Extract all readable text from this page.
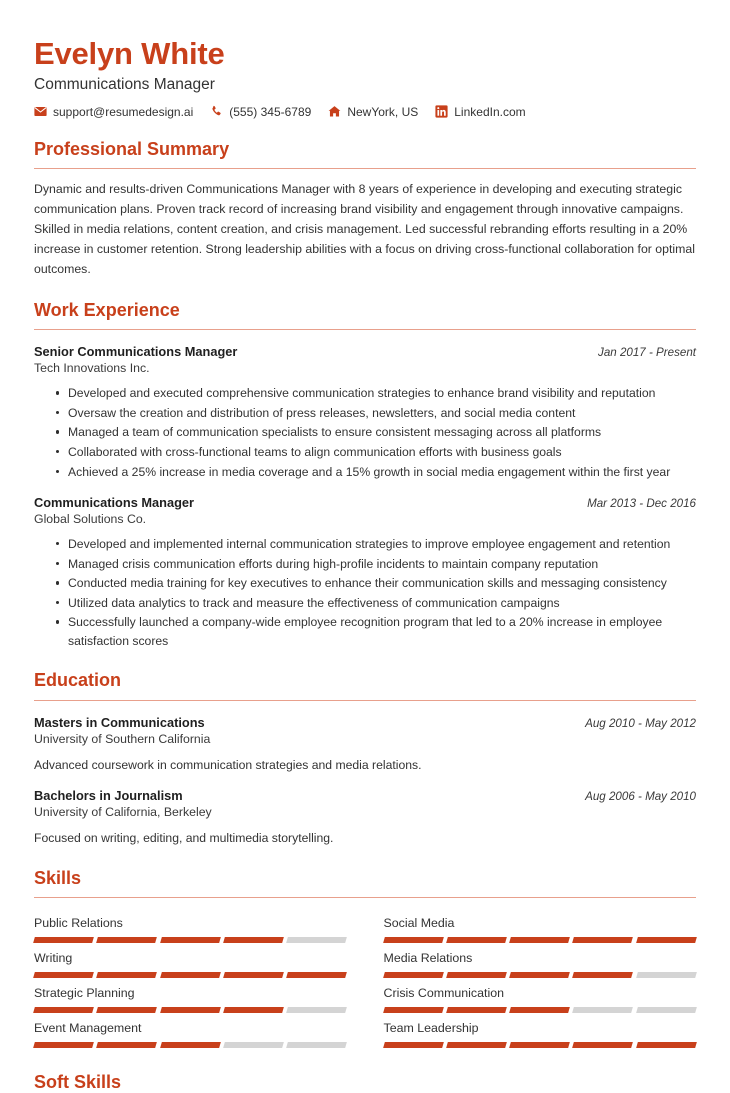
Evelyn White
Communications Manager
support@resumedesign.ai	(555) 345-6789	NewYork, US	LinkedIn.com
Professional Summary

Dynamic and results-driven Communications Manager with 8 years of experience in developing and executing strategic communication plans. Proven track record of increasing brand visibility and engagement through innovative campaigns. Skilled in media relations, content creation, and crisis management. Led successful rebranding efforts resulting in a 20% increase in customer retention. Strong leadership abilities with a focus on driving cross-functional collaboration for optimal outcomes.

Work Experience
Senior Communications Manager	Jan 2017 - Present
Tech Innovations Inc.
Developed and executed comprehensive communication strategies to enhance brand visibility and reputation
Oversaw the creation and distribution of press releases, newsletters, and social media content
Managed a team of communication specialists to ensure consistent messaging across all platforms
Collaborated with cross-functional teams to align communication efforts with business goals
Achieved a 25% increase in media coverage and a 15% growth in social media engagement within the first year
Communications Manager	Mar 2013 - Dec 2016
Global Solutions Co.
Developed and implemented internal communication strategies to improve employee engagement and retention
Managed crisis communication efforts during high-profile incidents to maintain company reputation
Conducted media training for key executives to enhance their communication skills and messaging consistency
Utilized data analytics to track and measure the effectiveness of communication campaigns
Successfully launched a company-wide employee recognition program that led to a 20% increase in employee satisfaction scores
Education
Masters in Communications	Aug 2010 - May 2012
University of Southern California
Advanced coursework in communication strategies and media relations.
Bachelors in Journalism	Aug 2006 - May 2010
University of California, Berkeley
Focused on writing, editing, and multimedia storytelling.
Skills
Public Relations	Social Media
Writing	Media Relations
Strategic Planning	Crisis Communication
Event Management	Team Leadership
Soft Skills
